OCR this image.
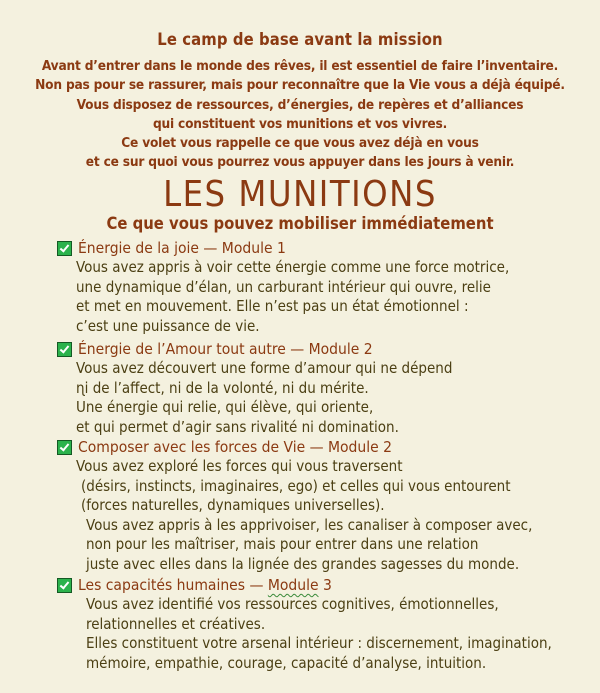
Le camp de base avant la mission
Avant d’entrer dans le monde des rêves, il est essentiel de faire l’inventaire.
Non pas pour se rassurer, mais pour reconnaître que la Vie vous a déjà équipé.
Vous disposez de ressources, d’énergies, de repères et d’alliances
qui constituent vos munitions et vos vivres.
Ce volet vous rappelle ce que vous avez déjà en vous
et ce sur quoi vous pourrez vous appuyer dans les jours à venir.
LES MUNITIONS
Ce que vous pouvez mobiliser immédiatement
Énergie de la joie — Module 1
Vous avez appris à voir cette énergie comme une force motrice,
une dynamique d’élan, un carburant intérieur qui ouvre, relie
et met en mouvement. Elle n’est pas un état émotionnel :
c’est une puissance de vie.
Énergie de l’Amour tout autre — Module 2
Vous avez découvert une forme d’amour qui ne dépend
ɳi de l’affect, ni de la volonté, ni du mérite.
Une énergie qui relie, qui élève, qui oriente,
et qui permet d’agir sans rivalité ni domination.
Composer avec les forces de Vie — Module 2
Vous avez exploré les forces qui vous traversent
(désirs, instincts, imaginaires, ego) et celles qui vous entourent
(forces naturelles, dynamiques universelles).
Vous avez appris à les apprivoiser, les canaliser à composer avec,
non pour les maîtriser, mais pour entrer dans une relation
juste avec elles dans la lignée des grandes sagesses du monde.
Les capacités humaines — Module 3
Vous avez identifié vos ressources cognitives, émotionnelles,
relationnelles et créatives.
Elles constituent votre arsenal intérieur : discernement, imagination,
mémoire, empathie, courage, capacité d’analyse, intuition.
